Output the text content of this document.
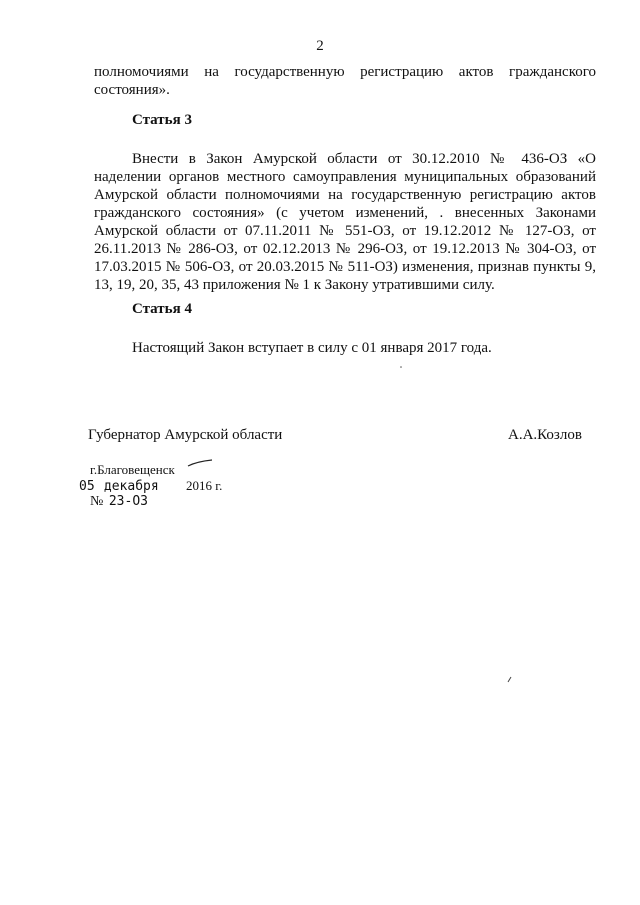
2

полномочиями на государственную регистрацию актов гражданского состояния».

Статья 3

Внести в Закон Амурской области от 30.12.2010 № 436-ОЗ «О наделении органов местного самоуправления муниципальных образований Амурской области полномочиями на государственную регистрацию актов гражданского состояния» (с учетом изменений, . внесенных Законами Амурской области от 07.11.2011 № 551-ОЗ, от 19.12.2012 № 127-ОЗ, от 26.11.2013 № 286-ОЗ, от 02.12.2013 № 296-ОЗ, от 19.12.2013 № 304-ОЗ, от 17.03.2015 № 506-ОЗ, от 20.03.2015 № 511-ОЗ) изменения, признав пункты 9, 13, 19, 20, 35, 43 приложения № 1 к Закону утратившими силу.

Статья 4

Настоящий Закон вступает в силу с 01 января 2017 года.

Губернатор Амурской области	А.А.Козлов
г.Благовещенск
05 декабря 2016 г.
№ 23-ОЗ
